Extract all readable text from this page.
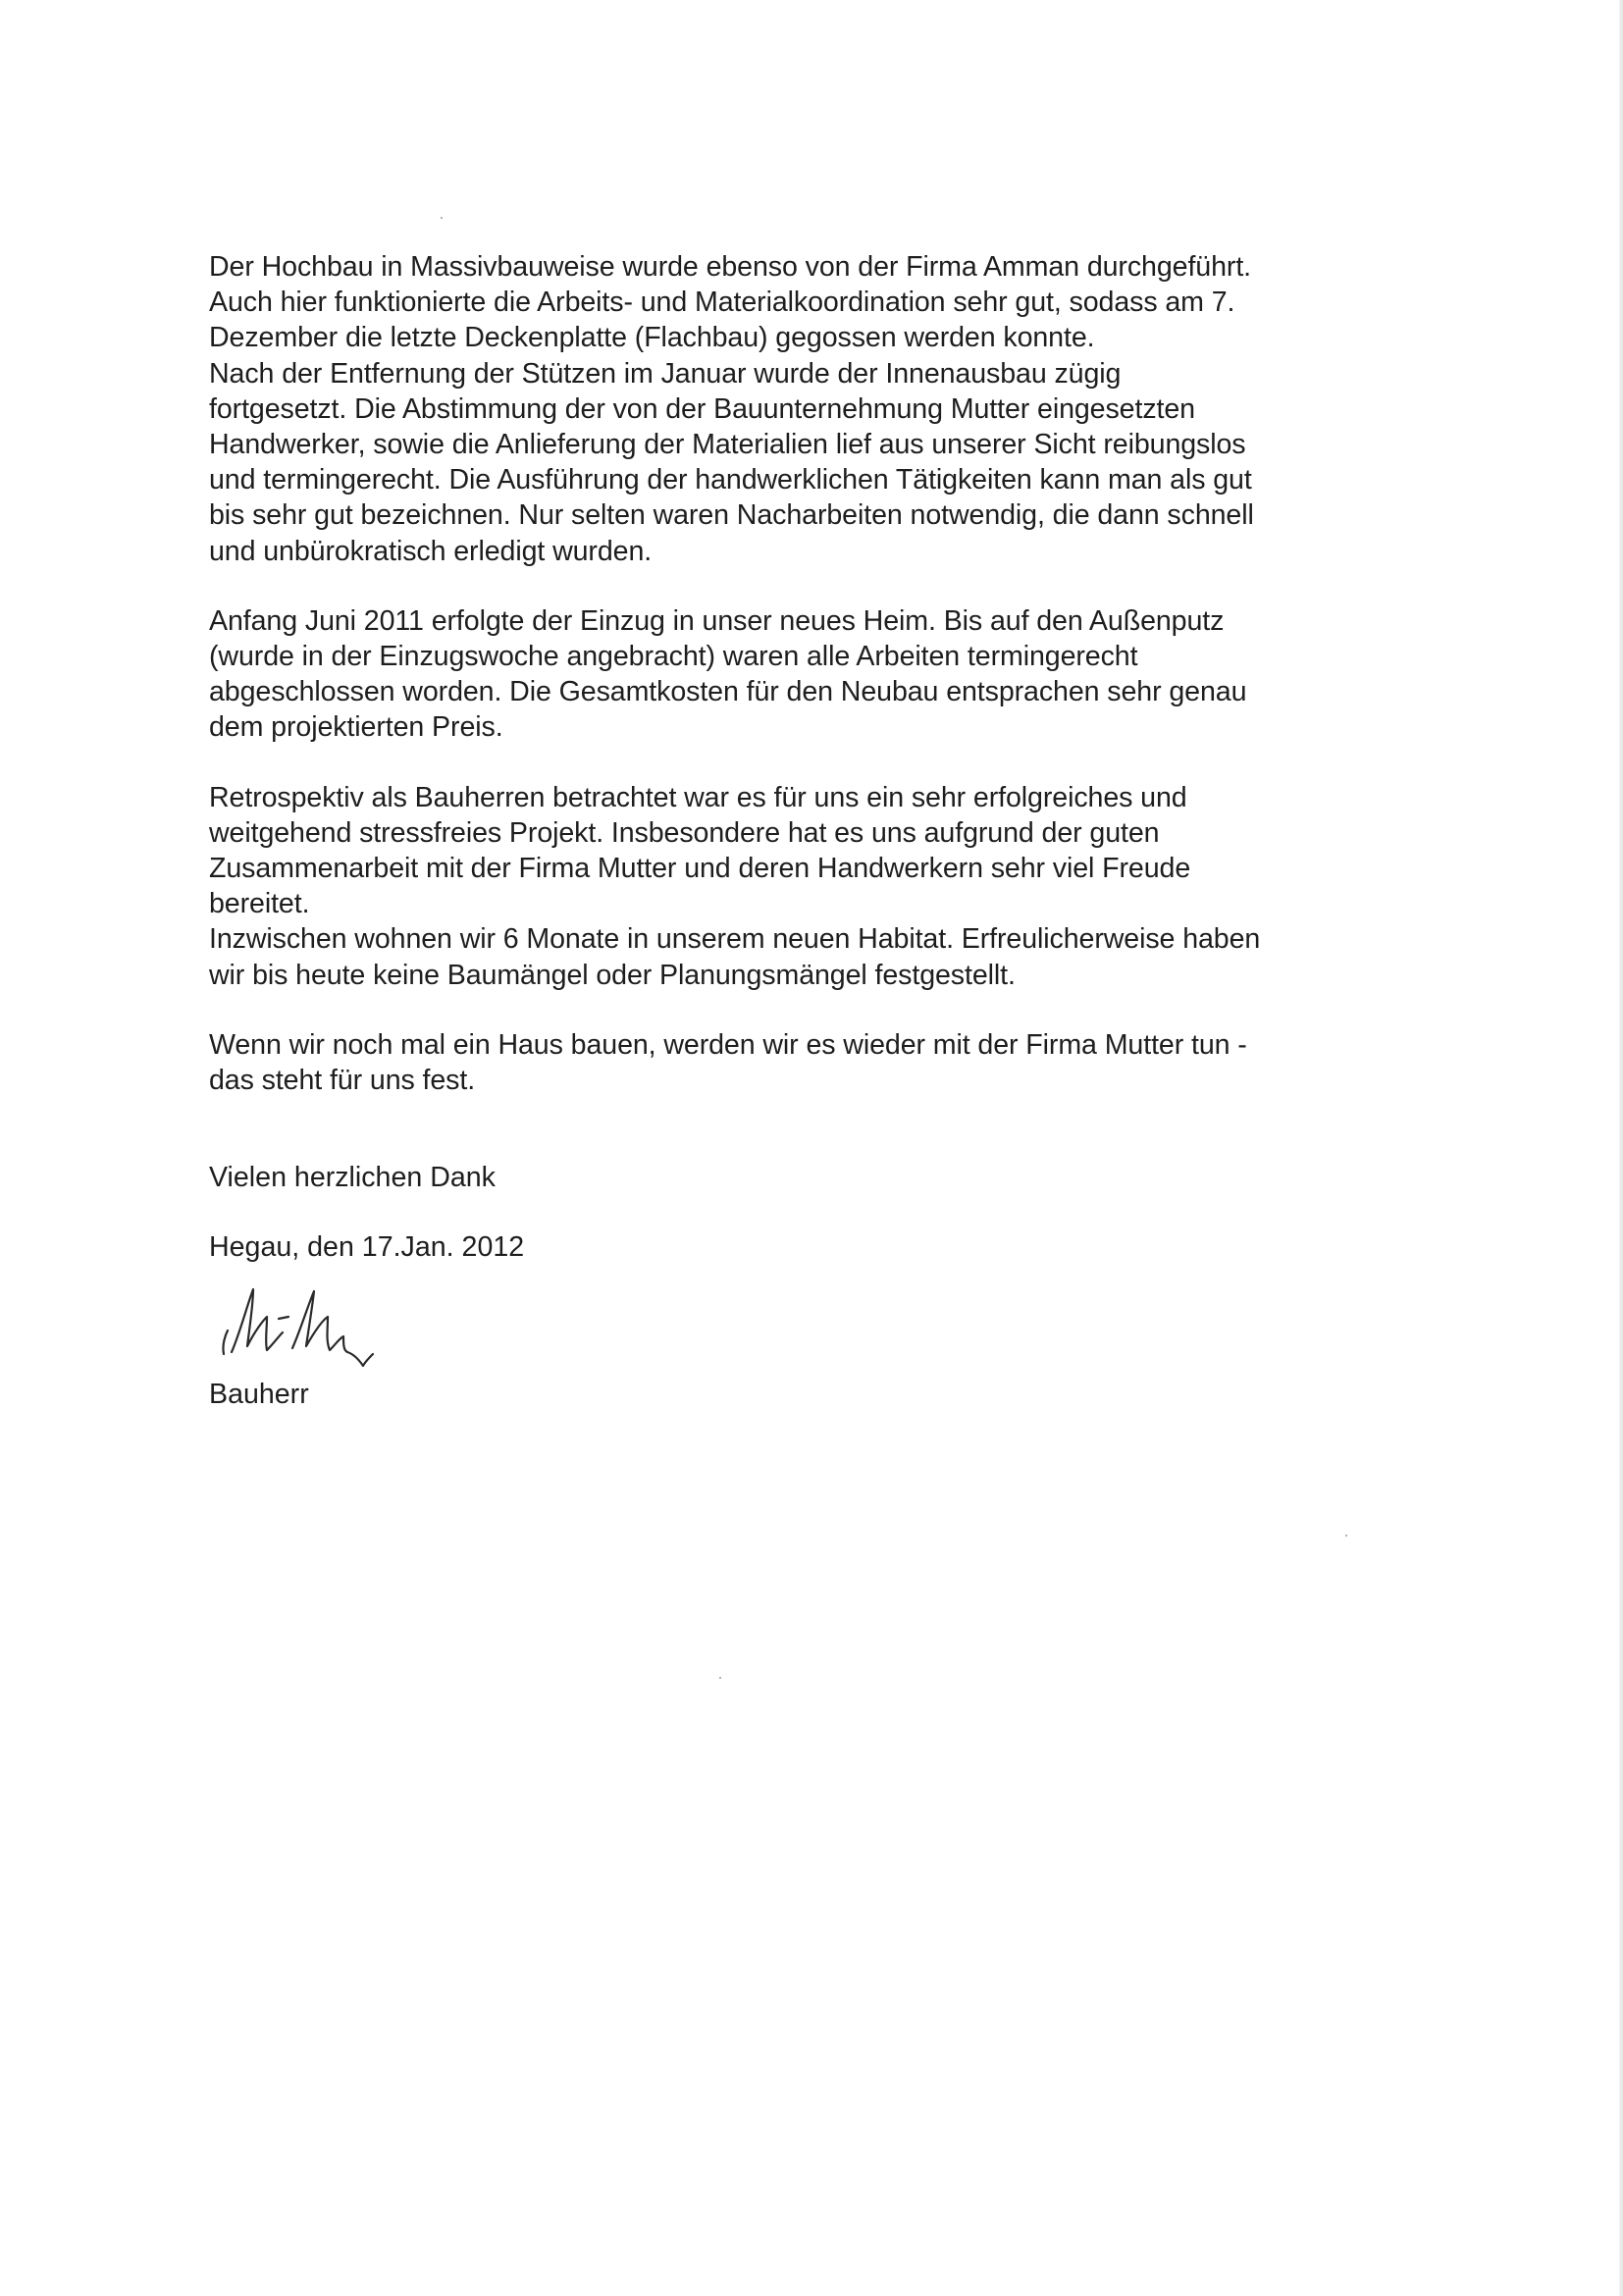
Der Hochbau in Massivbauweise wurde ebenso von der Firma Amman durchgeführt.
Auch hier funktionierte die Arbeits- und Materialkoordination sehr gut, sodass am 7.
Dezember die letzte Deckenplatte (Flachbau) gegossen werden konnte.
Nach der Entfernung der Stützen im Januar wurde der Innenausbau zügig
fortgesetzt. Die Abstimmung der von der Bauunternehmung Mutter eingesetzten
Handwerker, sowie die Anlieferung der Materialien lief aus unserer Sicht reibungslos
und termingerecht. Die Ausführung der handwerklichen Tätigkeiten kann man als gut
bis sehr gut bezeichnen. Nur selten waren Nacharbeiten notwendig, die dann schnell
und unbürokratisch erledigt wurden.
Anfang Juni 2011 erfolgte der Einzug in unser neues Heim. Bis auf den Außenputz
(wurde in der Einzugswoche angebracht) waren alle Arbeiten termingerecht
abgeschlossen worden. Die Gesamtkosten für den Neubau entsprachen sehr genau
dem projektierten Preis.
Retrospektiv als Bauherren betrachtet war es für uns ein sehr erfolgreiches und
weitgehend stressfreies Projekt. Insbesondere hat es uns aufgrund der guten
Zusammenarbeit mit der Firma Mutter und deren Handwerkern sehr viel Freude
bereitet.
Inzwischen wohnen wir 6 Monate in unserem neuen Habitat. Erfreulicherweise haben
wir bis heute keine Baumängel oder Planungsmängel festgestellt.
Wenn wir noch mal ein Haus bauen, werden wir es wieder mit der Firma Mutter tun -
das steht für uns fest.
Vielen herzlichen Dank
Hegau, den 17.Jan. 2012
Bauherr
